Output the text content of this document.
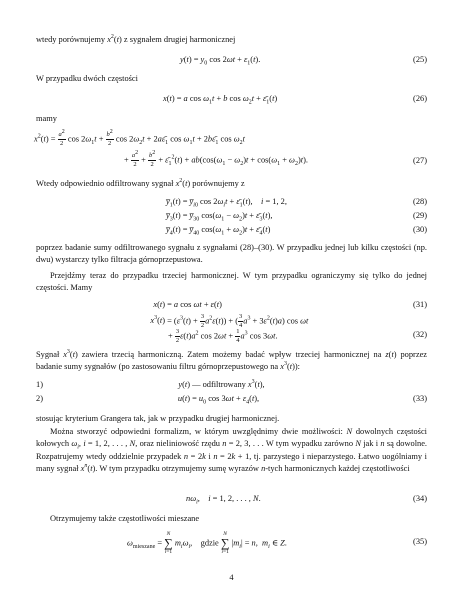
wtedy porównujemy $x^2(t)$ z sygnałem drugiej harmonicznej
$y(t) = y_0$ $\cos 2\omega t + \varepsilon_1(t)$.	(25)
W przypadku dwóch częstości
x(t) = a $\cos \omega_1t + b$ $\cos \omega_2t$ + $\varepsilon̄_1(t)$	(26)
mamy
$x^2(t) = \frac{a^2}{2}$ $\cos 2\omega_1t + \frac{b^2}{2}$ $\cos 2\omega_2t$ + $2a\varepsilon̄_1$ $\cos \omega_1t$ + $2b\varepsilon̄_1$ $\cos \omega_2t$
+ $\frac{a^2}{2} + \frac{b^2}{2}$ + $\varepsilon̄_1^2(t) + ab(\cos(\omega_1 - \omega_2)t + \cos(\omega_1 + \omega_2)t)$.	(27)
Wtedy odpowiednio odfiltrowany sygnał $x^2(t)$ porównujemy z
$y̅_1(t)$ = $y̅_{i0}$ $\cos 2\omega_it$ + $\varepsilon̄_1(t)$,    i = 1, 2,	(28)
$y̅_3(t)$ = $y̅_{30}$ $\cos(\omega_1 - \omega_2)t$ + $\varepsilon̄_3(t)$,	(29)
$y̅_4(t)$ = $y̅_{40}$ $\cos(\omega_1 + \omega_2)t$ + $\varepsilon̄_4(t)$	(30)
poprzez badanie sumy odfiltrowanego sygnału z sygnałami (28)–(30). W przypadku jednej lub kilku częstości (np. dwu) wystarczy tylko filtracja górnoprzepustowa.
Przejdźmy teraz do przypadku trzeciej harmonicznej. W tym przypadku ograniczymy się tylko do jednej częstości. Mamy
x(t) = a cos ωt + ε(t)	(31)
$x^3(t) = (\varepsilon^3(t) + \frac{3}{2} a^2\varepsilon(t))$ + ( $\frac{3}{4} a^3 + 3\varepsilon^2(t)a$) cos ωt
+ $\frac{3}{2} \varepsilon(t)a^2$ $\cos 2\omega t + \frac{1}{4} a^3$ cos 3ωt.	(32)
Sygnał $x^3(t)$ zawiera trzecią harmoniczną. Zatem możemy badać wpływ trzeciej harmonicznej na z(t) poprzez badanie sumy sygnałów (po zastosowaniu filtru górnoprzepustowego na $x^3(t)$):
1)	y(t) — odfiltrowany $x^3(t)$,
2)	$u(t) = u_0$ $\cos 3\omega t + \varepsilon_4(t)$,	(33)
stosując kryterium Grangera tak, jak w przypadku drugiej harmonicznej.
Można stworzyć odpowiedni formalizm, w którym uwzględnimy dwie możliwości: N dowolnych częstości kołowych $\omega_i$, i = 1, 2, . . . , N, oraz nieliniowość rzędu n = 2, 3, . . . W tym wypadku zarówno N jak i n są dowolne. Rozpatrujemy wtedy oddzielnie przypadek n = 2k i n = 2k + 1, tj. parzystego i nieparzystego. Łatwo uogólniamy i many sygnał $x^n(t)$. W tym przypadku otrzymujemy sumę wyrazów n-tych harmonicznych każdej częstotliwości
$n\omega_i$,    i = 1, 2, . . . , N.	(34)
Otrzymujemy także częstotliwości mieszane
$\omega_{mieszane} = N$
∑
i=1 $m_i\omega_i$,    gdzie N
∑
i=1 $|m_i| = n$,  $m_i$ ∈ Z.	(35)
4
